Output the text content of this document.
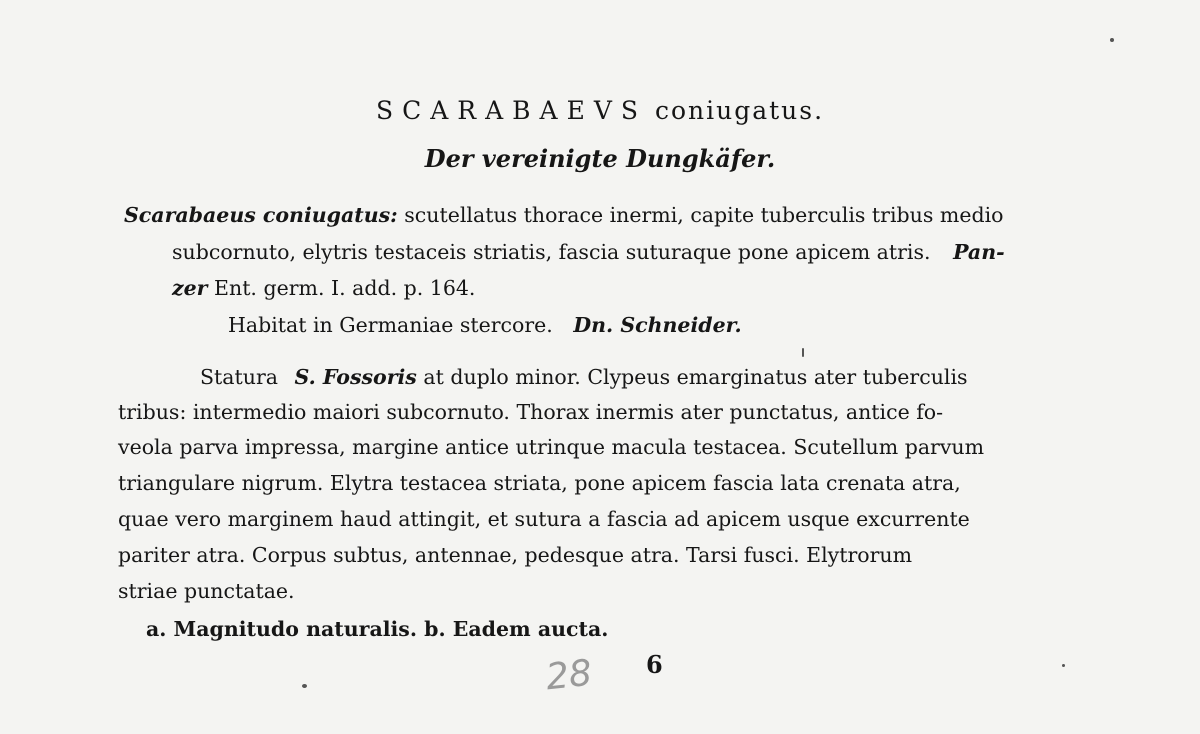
SCARABAEVS coniugatus.
Der vereinigte Dungkäfer.
Scarabaeus coniugatus: scutellatus thorace inermi, capite tuberculis tribus medio
subcornuto, elytris testaceis striatis, fascia suturaque pone apicem atris. Pan-
zer Ent. germ. I. add. p. 164.
Habitat in Germaniae stercore. Dn. Schneider.
Statura S. Fossoris at duplo minor. Clypeus emarginatus ater tuberculis
tribus: intermedio maiori subcornuto. Thorax inermis ater punctatus, antice fo-
veola parva impressa, margine antice utrinque macula testacea. Scutellum parvum
triangulare nigrum. Elytra testacea striata, pone apicem fascia lata crenata atra,
quae vero marginem haud attingit, et sutura a fascia ad apicem usque excurrente
pariter atra. Corpus subtus, antennae, pedesque atra. Tarsi fusci. Elytrorum
striae punctatae.
a. Magnitudo naturalis. b. Eadem aucta.
28 6
